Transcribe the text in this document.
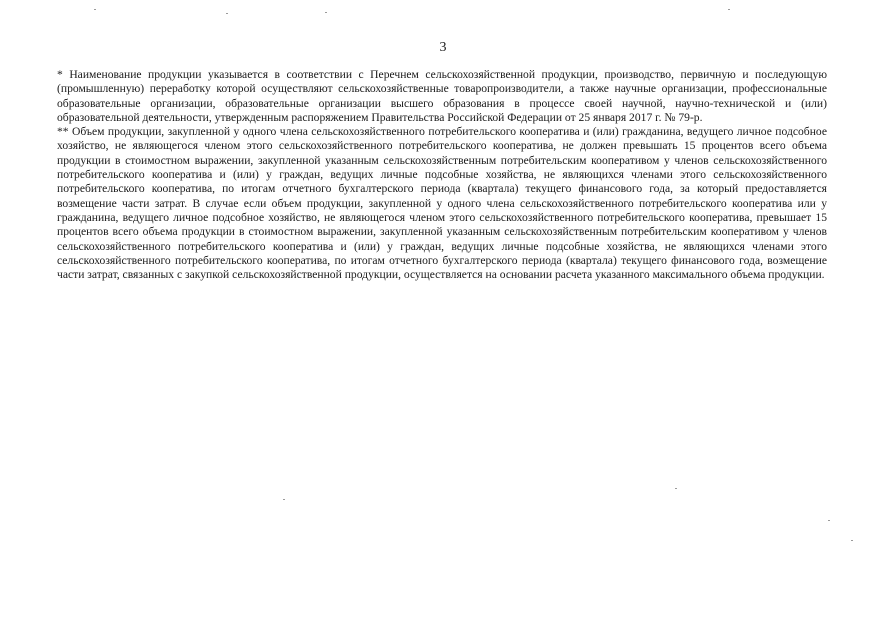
3

* Наименование продукции указывается в соответствии с Перечнем сельскохозяйственной продукции, производство, первичную и последующую (промышленную) переработку которой осуществляют сельскохозяйственные товаропроизводители, а также научные организации, профессиональные образовательные организации, образовательные организации высшего образования в процессе своей научной, научно-технической и (или) образовательной деятельности, утвержденным распоряжением Правительства Российской Федерации от 25 января 2017 г. № 79-р.

** Объем продукции, закупленной у одного члена сельскохозяйственного потребительского кооператива и (или) гражданина, ведущего личное подсобное хозяйство, не являющегося членом этого сельскохозяйственного потребительского кооператива, не должен превышать 15 процентов всего объема продукции в стоимостном выражении, закупленной указанным сельскохозяйственным потребительским кооперативом у членов сельскохозяйственного потребительского кооператива и (или) у граждан, ведущих личные подсобные хозяйства, не являющихся членами этого сельскохозяйственного потребительского кооператива, по итогам отчетного бухгалтерского периода (квартала) текущего финансового года, за который предоставляется возмещение части затрат. В случае если объем продукции, закупленной у одного члена сельскохозяйственного потребительского кооператива или у гражданина, ведущего личное подсобное хозяйство, не являющегося членом этого сельскохозяйственного потребительского кооператива, превышает 15 процентов всего объема продукции в стоимостном выражении, закупленной указанным сельскохозяйственным потребительским кооперативом у членов сельскохозяйственного потребительского кооператива и (или) у граждан, ведущих личные подсобные хозяйства, не являющихся членами этого сельскохозяйственного потребительского кооператива, по итогам отчетного бухгалтерского периода (квартала) текущего финансового года, возмещение части затрат, связанных с закупкой сельскохозяйственной продукции, осуществляется на основании расчета указанного максимального объема продукции.
